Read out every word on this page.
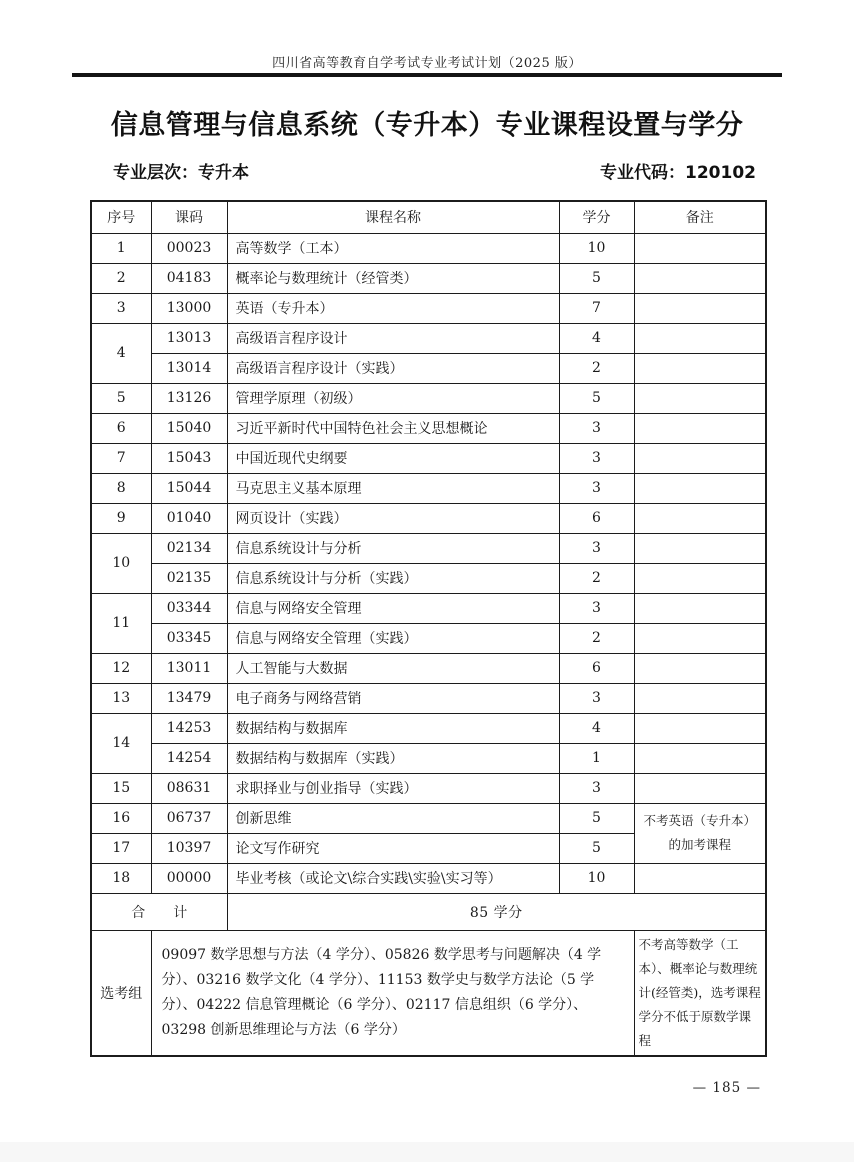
四川省高等教育自学考试专业考试计划（2025 版）
信息管理与信息系统（专升本）专业课程设置与学分
专业层次：专升本	专业代码：120102
序号	课码	课程名称	学分	备注
1	00023	高等数学（工本）	10	
2	04183	概率论与数理统计（经管类）	5	
3	13000	英语（专升本）	7	
4	13013	高级语言程序设计	4	
	13014	高级语言程序设计（实践）	2	
5	13126	管理学原理（初级）	5	
6	15040	习近平新时代中国特色社会主义思想概论	3	
7	15043	中国近现代史纲要	3	
8	15044	马克思主义基本原理	3	
9	01040	网页设计（实践）	6	
10	02134	信息系统设计与分析	3	
	02135	信息系统设计与分析（实践）	2	
11	03344	信息与网络安全管理	3	
	03345	信息与网络安全管理（实践）	2	
12	13011	人工智能与大数据	6	
13	13479	电子商务与网络营销	3	
14	14253	数据结构与数据库	4	
	14254	数据结构与数据库（实践）	1	
15	08631	求职择业与创业指导（实践）	3	
16	06737	创新思维	5	不考英语（专升本）的加考课程
17	10397	论文写作研究	5	
18	00000	毕业考核（或论文\综合实践\实验\实习等）	10	
合　　计		85 学分		
选考组	09097 数学思想与方法（4 学分）、05826 数学思考与问题解决（4 学分）、03216 数学文化（4 学分）、11153 数学史与数学方法论（5 学分）、04222 信息管理概论（6 学分）、02117 信息组织（6 学分）、03298 创新思维理论与方法（6 学分）			不考高等数学（工本）、概率论与数理统计(经管类)，选考课程学分不低于原数学课程
— 185 —
